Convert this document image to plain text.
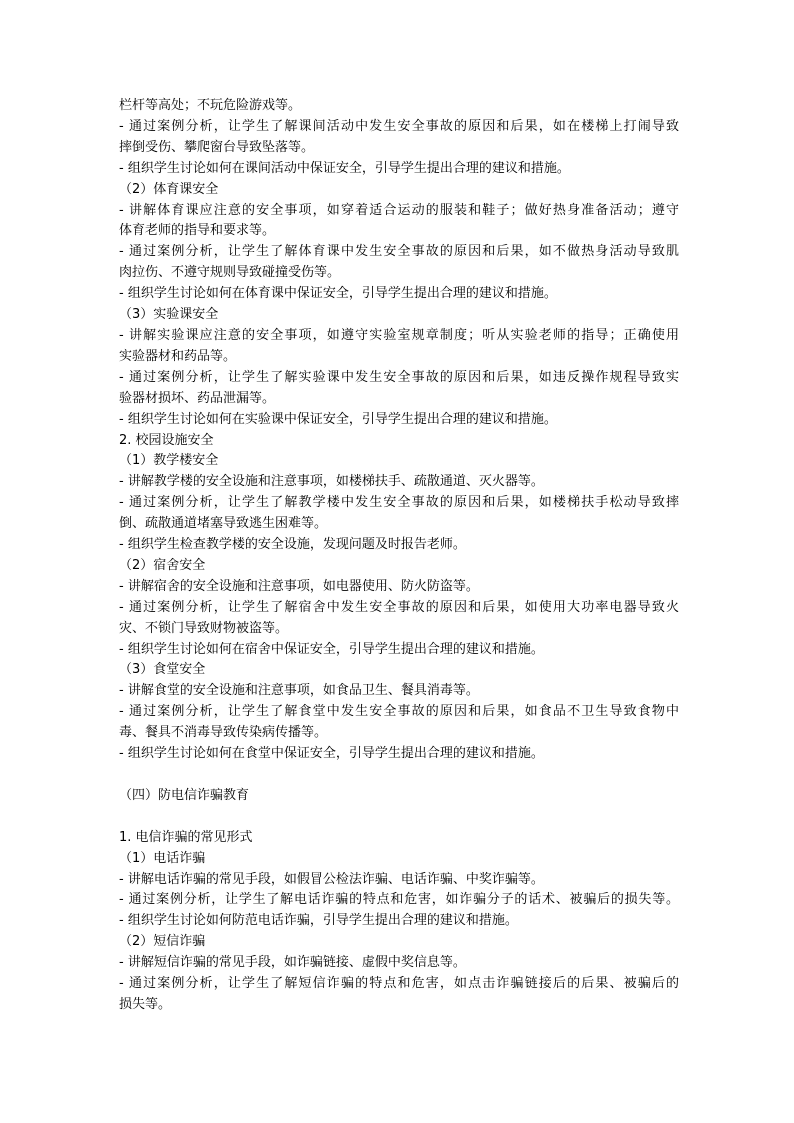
栏杆等高处；不玩危险游戏等。
- 通过案例分析，让学生了解课间活动中发生安全事故的原因和后果，如在楼梯上打闹导致
摔倒受伤、攀爬窗台导致坠落等。
- 组织学生讨论如何在课间活动中保证安全，引导学生提出合理的建议和措施。
（2）体育课安全
- 讲解体育课应注意的安全事项，如穿着适合运动的服装和鞋子；做好热身准备活动；遵守
体育老师的指导和要求等。
- 通过案例分析，让学生了解体育课中发生安全事故的原因和后果，如不做热身活动导致肌
肉拉伤、不遵守规则导致碰撞受伤等。
- 组织学生讨论如何在体育课中保证安全，引导学生提出合理的建议和措施。
（3）实验课安全
- 讲解实验课应注意的安全事项，如遵守实验室规章制度；听从实验老师的指导；正确使用
实验器材和药品等。
- 通过案例分析，让学生了解实验课中发生安全事故的原因和后果，如违反操作规程导致实
验器材损坏、药品泄漏等。
- 组织学生讨论如何在实验课中保证安全，引导学生提出合理的建议和措施。
2. 校园设施安全
（1）教学楼安全
- 讲解教学楼的安全设施和注意事项，如楼梯扶手、疏散通道、灭火器等。
- 通过案例分析，让学生了解教学楼中发生安全事故的原因和后果，如楼梯扶手松动导致摔
倒、疏散通道堵塞导致逃生困难等。
- 组织学生检查教学楼的安全设施，发现问题及时报告老师。
（2）宿舍安全
- 讲解宿舍的安全设施和注意事项，如电器使用、防火防盗等。
- 通过案例分析，让学生了解宿舍中发生安全事故的原因和后果，如使用大功率电器导致火
灾、不锁门导致财物被盗等。
- 组织学生讨论如何在宿舍中保证安全，引导学生提出合理的建议和措施。
（3）食堂安全
- 讲解食堂的安全设施和注意事项，如食品卫生、餐具消毒等。
- 通过案例分析，让学生了解食堂中发生安全事故的原因和后果，如食品不卫生导致食物中
毒、餐具不消毒导致传染病传播等。
- 组织学生讨论如何在食堂中保证安全，引导学生提出合理的建议和措施。
（四）防电信诈骗教育
1. 电信诈骗的常见形式
（1）电话诈骗
- 讲解电话诈骗的常见手段，如假冒公检法诈骗、电话诈骗、中奖诈骗等。
- 通过案例分析，让学生了解电话诈骗的特点和危害，如诈骗分子的话术、被骗后的损失等。
- 组织学生讨论如何防范电话诈骗，引导学生提出合理的建议和措施。
（2）短信诈骗
- 讲解短信诈骗的常见手段，如诈骗链接、虚假中奖信息等。
- 通过案例分析，让学生了解短信诈骗的特点和危害，如点击诈骗链接后的后果、被骗后的
损失等。
